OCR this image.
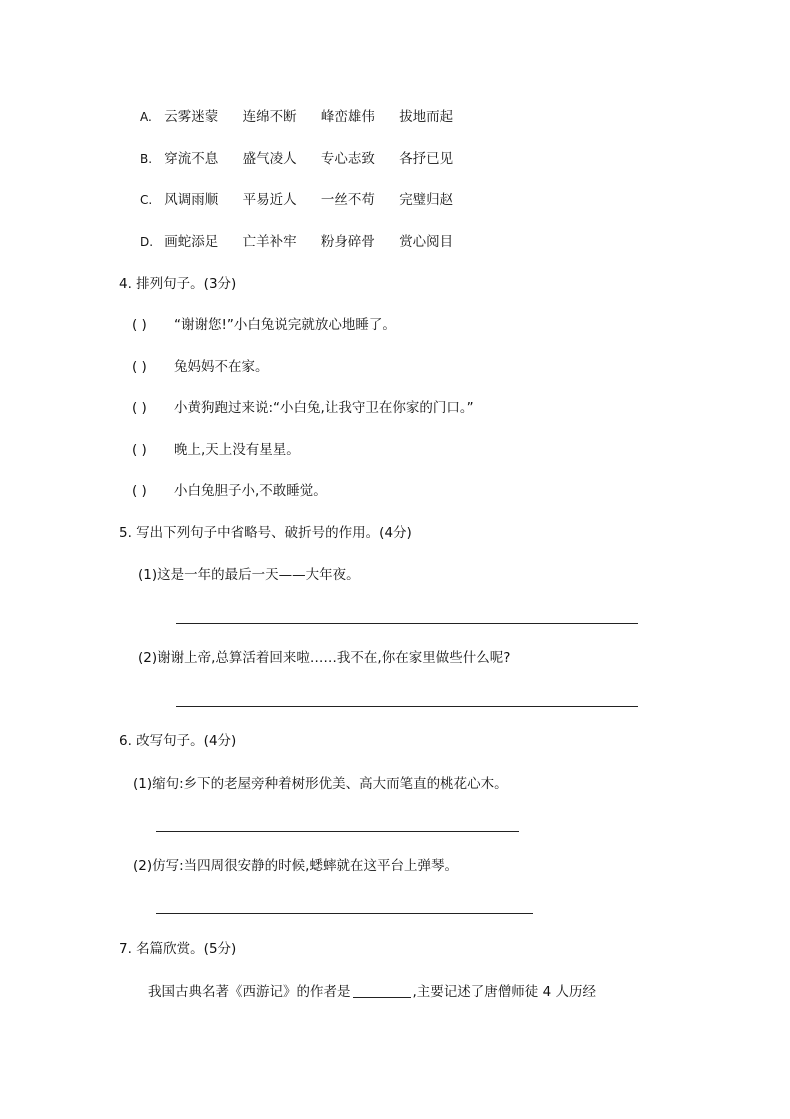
A. 云雾迷蒙 连绵不断 峰峦雄伟 拔地而起
B. 穿流不息 盛气凌人 专心志致 各抒已见
C. 风调雨顺 平易近人 一丝不苟 完璧归赵
D. 画蛇添足 亡羊补牢 粉身碎骨 赏心阅目
4. 排列句子。(3分)
( ) “谢谢您!”小白兔说完就放心地睡了。
( ) 兔妈妈不在家。
( ) 小黄狗跑过来说:“小白兔,让我守卫在你家的门口。”
( ) 晚上,天上没有星星。
( ) 小白兔胆子小,不敢睡觉。
5. 写出下列句子中省略号、破折号的作用。(4分)
(1)这是一年的最后一天——大年夜。
(2)谢谢上帝,总算活着回来啦……我不在,你在家里做些什么呢?
6. 改写句子。(4分)
(1)缩句:乡下的老屋旁种着树形优美、高大而笔直的桃花心木。
(2)仿写:当四周很安静的时候,蟋蟀就在这平台上弹琴。
7. 名篇欣赏。(5分)
我国古典名著《西游记》的作者是	,主要记述了唐僧师徒 4 人历经
